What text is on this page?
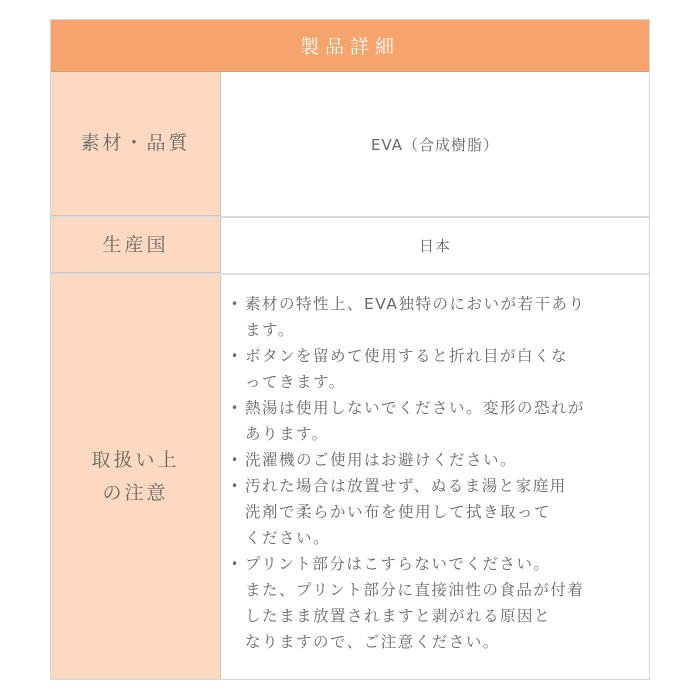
製品詳細
素材・品質	EVA（合成樹脂）
生産国	日本
取扱い上
の注意
• 素材の特性上、EVA独特のにおいが若干あり
ます。
• ボタンを留めて使用すると折れ目が白くな
ってきます。
• 熱湯は使用しないでください。変形の恐れが
あります。
• 洗濯機のご使用はお避けください。
• 汚れた場合は放置せず、ぬるま湯と家庭用
洗剤で柔らかい布を使用して拭き取って
ください。
• プリント部分はこすらないでください。
また、プリント部分に直接油性の食品が付着
したまま放置されますと剥がれる原因と
なりますので、ご注意ください。
